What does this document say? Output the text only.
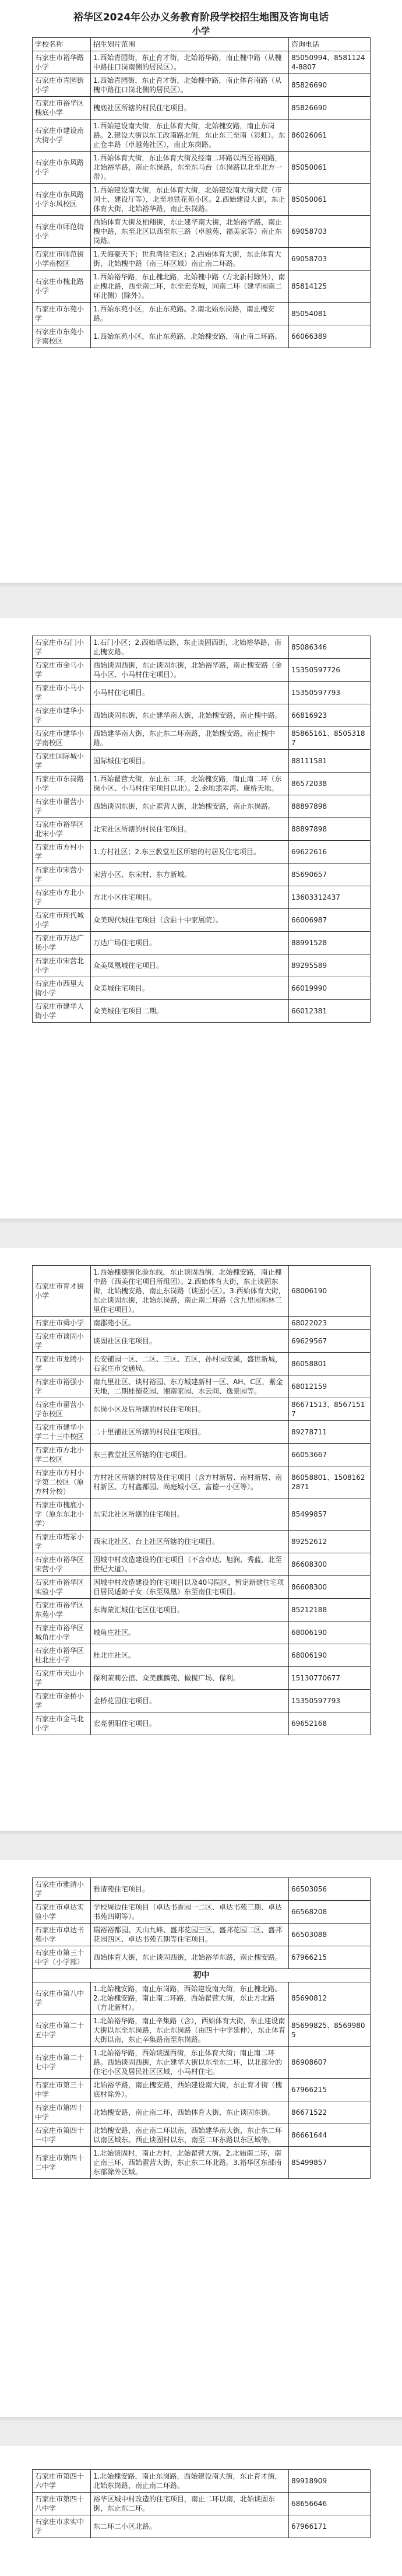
裕华区2024年公办义务教育阶段学校招生地图及咨询电话
小学
学校名称	招生划片范围	咨询电话
石家庄市裕华路小学	1.西始青园街，东止育才街，北始裕华路，南止槐中路（从槐中路往口岗南侧的居民区）。	85050994、85811244-8807
石家庄市青园街小学	1.西始青园街，东止育才街，北始槐中路，南止体育南路（从槐中路往口岗北侧的居民区）。	85826690
石家庄市裕华区槐底小学	槐底社区所辖的村民住宅项目。	85826690
石家庄市建设南大街小学	1.西始建设南大街，东止体育大街，北始槐安路，南止东岗路。2.建设大街以东工改南路北侧，东止东三至南（彩虹）。东止仓丰路（卓越苑社区），南止东岗路。	86026061
石家庄市东风路小学	1.西始体育大街，东止体育大街及经南二环路以西至裕翔路，北始裕华路，南止东岗路，东至东马台（东岗路以北至北方一带）。	85050061
石家庄市东风路小学东风校区	1.西始建设南大街，东止体育大街，北始建设南大街大院（市国土、建设厅等），北至地铁花苑小区。2.西始建设大街，东止体育大街，北始裕华路，南止东岗路。	85050061
石家庄市师范街小学	西始体育大街及柏翔街，东止建华南大街，北始裕华路，南止槐中路，东至北区以西至东三路（卓越苑、福美家等）南止东岗路。	69058703
石家庄市师范街小学南校区	1.天海豪天下；世典湾住宅区；2.西始体育大街，东止体育大街，北始槐中路（南三环区域）南止南二环路。	69058703
石家庄市槐北路小学	1.西始裕华路，东止槐北路，北始槐中路（方北新村除外），南止槐北路，西至南二环，东至宏亮城，同南二环（建华园南二环北侧）(除外）。	85814125
石家庄市东苑小学	1.西始东苑小区，东止东苑路。2.南北始东岗路，南止槐安路。	85054081
石家庄市东苑小学南校区	1.西始东苑小区，东止东苑路，北始槐安路，南止南二环路。	66066389
石家庄市石门小学	1.石门小区；2.西始塔坛路，东止谈固西街，北始裕华路，南止槐安路。	85086346
石家庄市金马小学	西始谈固西街，东止谈固东街，北始裕华路，南止槐安路（金马小区、小马村住宅项目）。	15350597726
石家庄市小马小学	小马村住宅项目。	15350597793
石家庄市建华小学	西始谈固东街，东止建华南大街，北始槐安路，南止槐中路。	66816923
石家庄市建华小学南校区	西始建华南大街，东止东二环南路，北始槐安路，南止槐中路。	85865161、85053187
石家庄国际城小学	国际城住宅项目。	88111581
石家庄市东岗路小学	1.西始翟营大街，东止东二环，北始槐安路，南止南二环（东岗小区、小马村住宅项目以北）。2.金地翡翠湾、康桥天地。	86572038
石家庄市翟营小学	西始谈固东街，东止翟营大街，北始槐安路，南止东岗路。	88897898
石家庄市裕华区北宋小学	北宋社区所辖的村民住宅项目。	88897898
石家庄市方村小学	1.方村社区；2.东三教堂社区所辖的村居及住宅项目。	69622616
石家庄市宋营小学	宋营小区、东宋村、东方新城。	85690657
石家庄市方北小学	方北小区住宅项目。	13603312437
石家庄市现代城小学	众美现代城住宅项目（含駐十中家属院）。	66006987
石家庄市万达广场小学	万达广场住宅项目。	88991528
石家庄市宋营北小学	众美凤凰城住宅项目。	89295589
石家庄市西里大街小学	众美城住宅项目。	66019990
石家庄市建华大街小学	众美城住宅项目二期。	66012381
石家庄市育才街小学	1.西始槐德街化验东线，东止谈固西街，北始槐安路，南止槐中路（西美住宅项目所组团）。2.西始体育大街，东止谈固东街，北始槐安路，南止东岗路（谈固小区）。3.西始体育大街，东止谈固东街，北始东岗路，南止南二环路（含九里园和林三里住宅项目）。	68006190
石家庄市舜小学	南郡苑小区。	68022023
石家庄市谈固小学	谈固社区住宅项目。	69629567
石家庄市龙腾小学	长安铺园一区、二区、三区、五区，孙村园安溪，盛世新城，石家庄市交通局。	86058801
石家庄市裕强小学	南九里社区、谈村裕园、东方城建新村一区、AH、C区，紫金天地，二期桂蜀花园、湘南家园、水云间、逸景园等。	68012159
石家庄市翟营小学东校区	东岗小区及后所辖的村民住宅项目。	86671513、85671517
石家庄市建华小学二十三中校区	二十里铺社区所辖的村民住宅项目。	89278711
石家庄市方北小学二校区	东三教堂社区所辖的住宅项目。	66053667
石家庄市方村小学第二校区（原方村分校）	方村社区所辖的村居及住宅项目（含方村新居、南村新居、南村新区、方村鑫都园、尚庭城小区、富德一小区等）。	86058801、15081622871
石家庄市槐底小学（原东东北小学）	东宋北社区所辖的住宅项目。	85499857
石家庄市塔冢小学	西宋北社区、台上社区所辖的住宅项目。	89252612
石家庄市裕华区宋营小学	因城中村改造建设的住宅项目（不含卓达、旭润、秀蓝，北至世纪大道）。	86608300
石家庄市裕华区实验小学	因城中村改造建设的住宅项目以及40号院区，暂定新建住宅项目居民适龄子女（东至凤凰）东至南住宅项目。	86608300
石家庄市裕华区东苑小学	东海蒙汇城住宅区住宅项目。	85212188
石家庄市裕华区城角庄小学	城角庄社区。	68006190
石家庄市裕华区杜北庄小学	杜北庄社区。	68006190
石家庄市天山小学	保利茉莉公馆、众美麒麟苑、橄榄广场、保利。	15130770677
石家庄市金桥小学	金桥花园住宅项目。	15350597793
石家庄市金马北小学	宏亮朝阳住宅项目。	69652168
石家庄市雅清小学	雅清苑住宅项目。	66503056
石家庄市卓达实验小学	学校周边住宅项目（卓达书香园一二区、卓达书苑三期、卓达书苑四期等）。	66568208
石家庄市卓达书苑小学	瑞裕裕都园、天山九峰、盛邦花园三区、盛邦花园二区、盛邦花园四区、卓达书苑五期等住宅项目。	66503088
石家庄市第三十中学（小学部）	西始体育大街，东止谈固西街，北始裕华东路，南止槐安路。	67966215
初中		
石家庄市第八中学	1.北始槐安路，南止东岗路，西始建设南大街，东止槐北路。2.北始槐安路，南止南二环路，西始翟营大街，东止方北路（方北新村）。	85690812
石家庄市第二十五中学	1.北始裕华路，南止辛集路（含），西始体育大街，东止建设南大街以东至东岗路，东止东岗路（由四十中学延伸），东止体育大街以南，东止辛集路南至东岗路。	85699825、85699805
石家庄市第二十七中学	1.北始裕华路，西始谈固西街，东止体育大街；南止南二环路。西始谈固西街，东止建华大街以东至东二环，以北部分的住宅小区及居民社区区域，小马村住宅。	86908607
石家庄市第三十中学	北始裕华路，南止槐安路，西始建设南大街，东止育才街（槐底村除外）。	67966215
石家庄市第四十中学	北始槐安路，南止南二环，西始体育大街，东止谈固东街。	86671522
石家庄市第四十一中学	北始槐安路，南止南二环以南，西始建华南大街，东止东二环以南区域东、西止谈固村以东，南至二环东路以东区域等。	86661644
石家庄市第四十二中学	1.北始谈固村，南止方村，北始翟营大街。2.北始南二环，南止南三环，西始翟营大街，东止东二环北路。3.裕华区东部南东部除外区域。	85499857
石家庄市第四十六中学	1.北始槐安路，南止东岗路，西始建设南大街，东止育才街，北始东岗路，南止南二环路。	89918909
石家庄市第四十八中学	裕华区城中村改造的住宅项目，南止二环以南，北始谈固东街，东止东二环。	68656646
石家庄市求实中学	东二环二小区北路。	67966171
